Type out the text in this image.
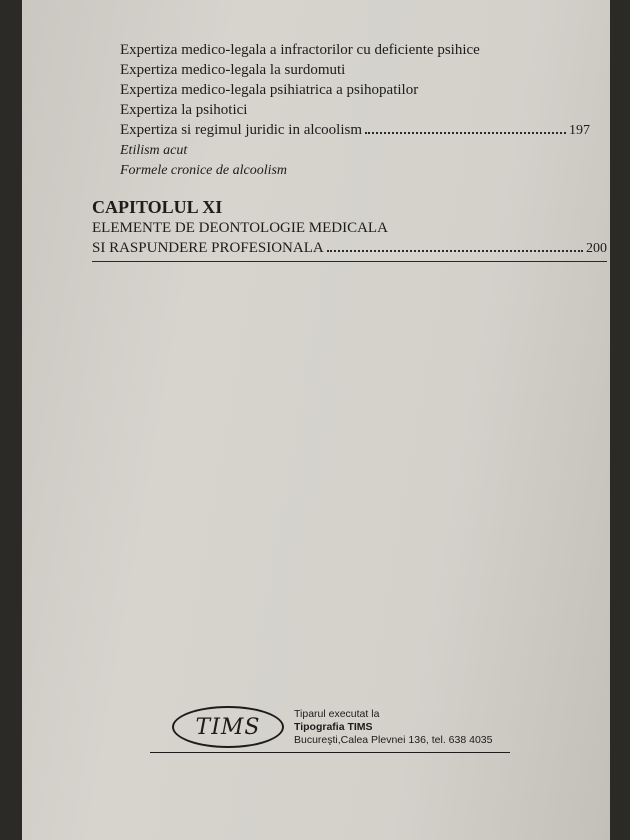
Expertiza medico-legala a infractorilor cu deficiente psihice
Expertiza medico-legala la surdomuti
Expertiza medico-legala psihiatrica a psihopatilor
Expertiza la psihotici
Expertiza si regimul juridic in alcoolism	197
Etilism acut
Formele cronice de alcoolism
CAPITOLUL XI
ELEMENTE DE DEONTOLOGIE MEDICALA
SI RASPUNDERE PROFESIONALA	200
TIMS
Tiparul executat la
Tipografia TIMS
Bucureşti,Calea Plevnei 136, tel. 638 4035
